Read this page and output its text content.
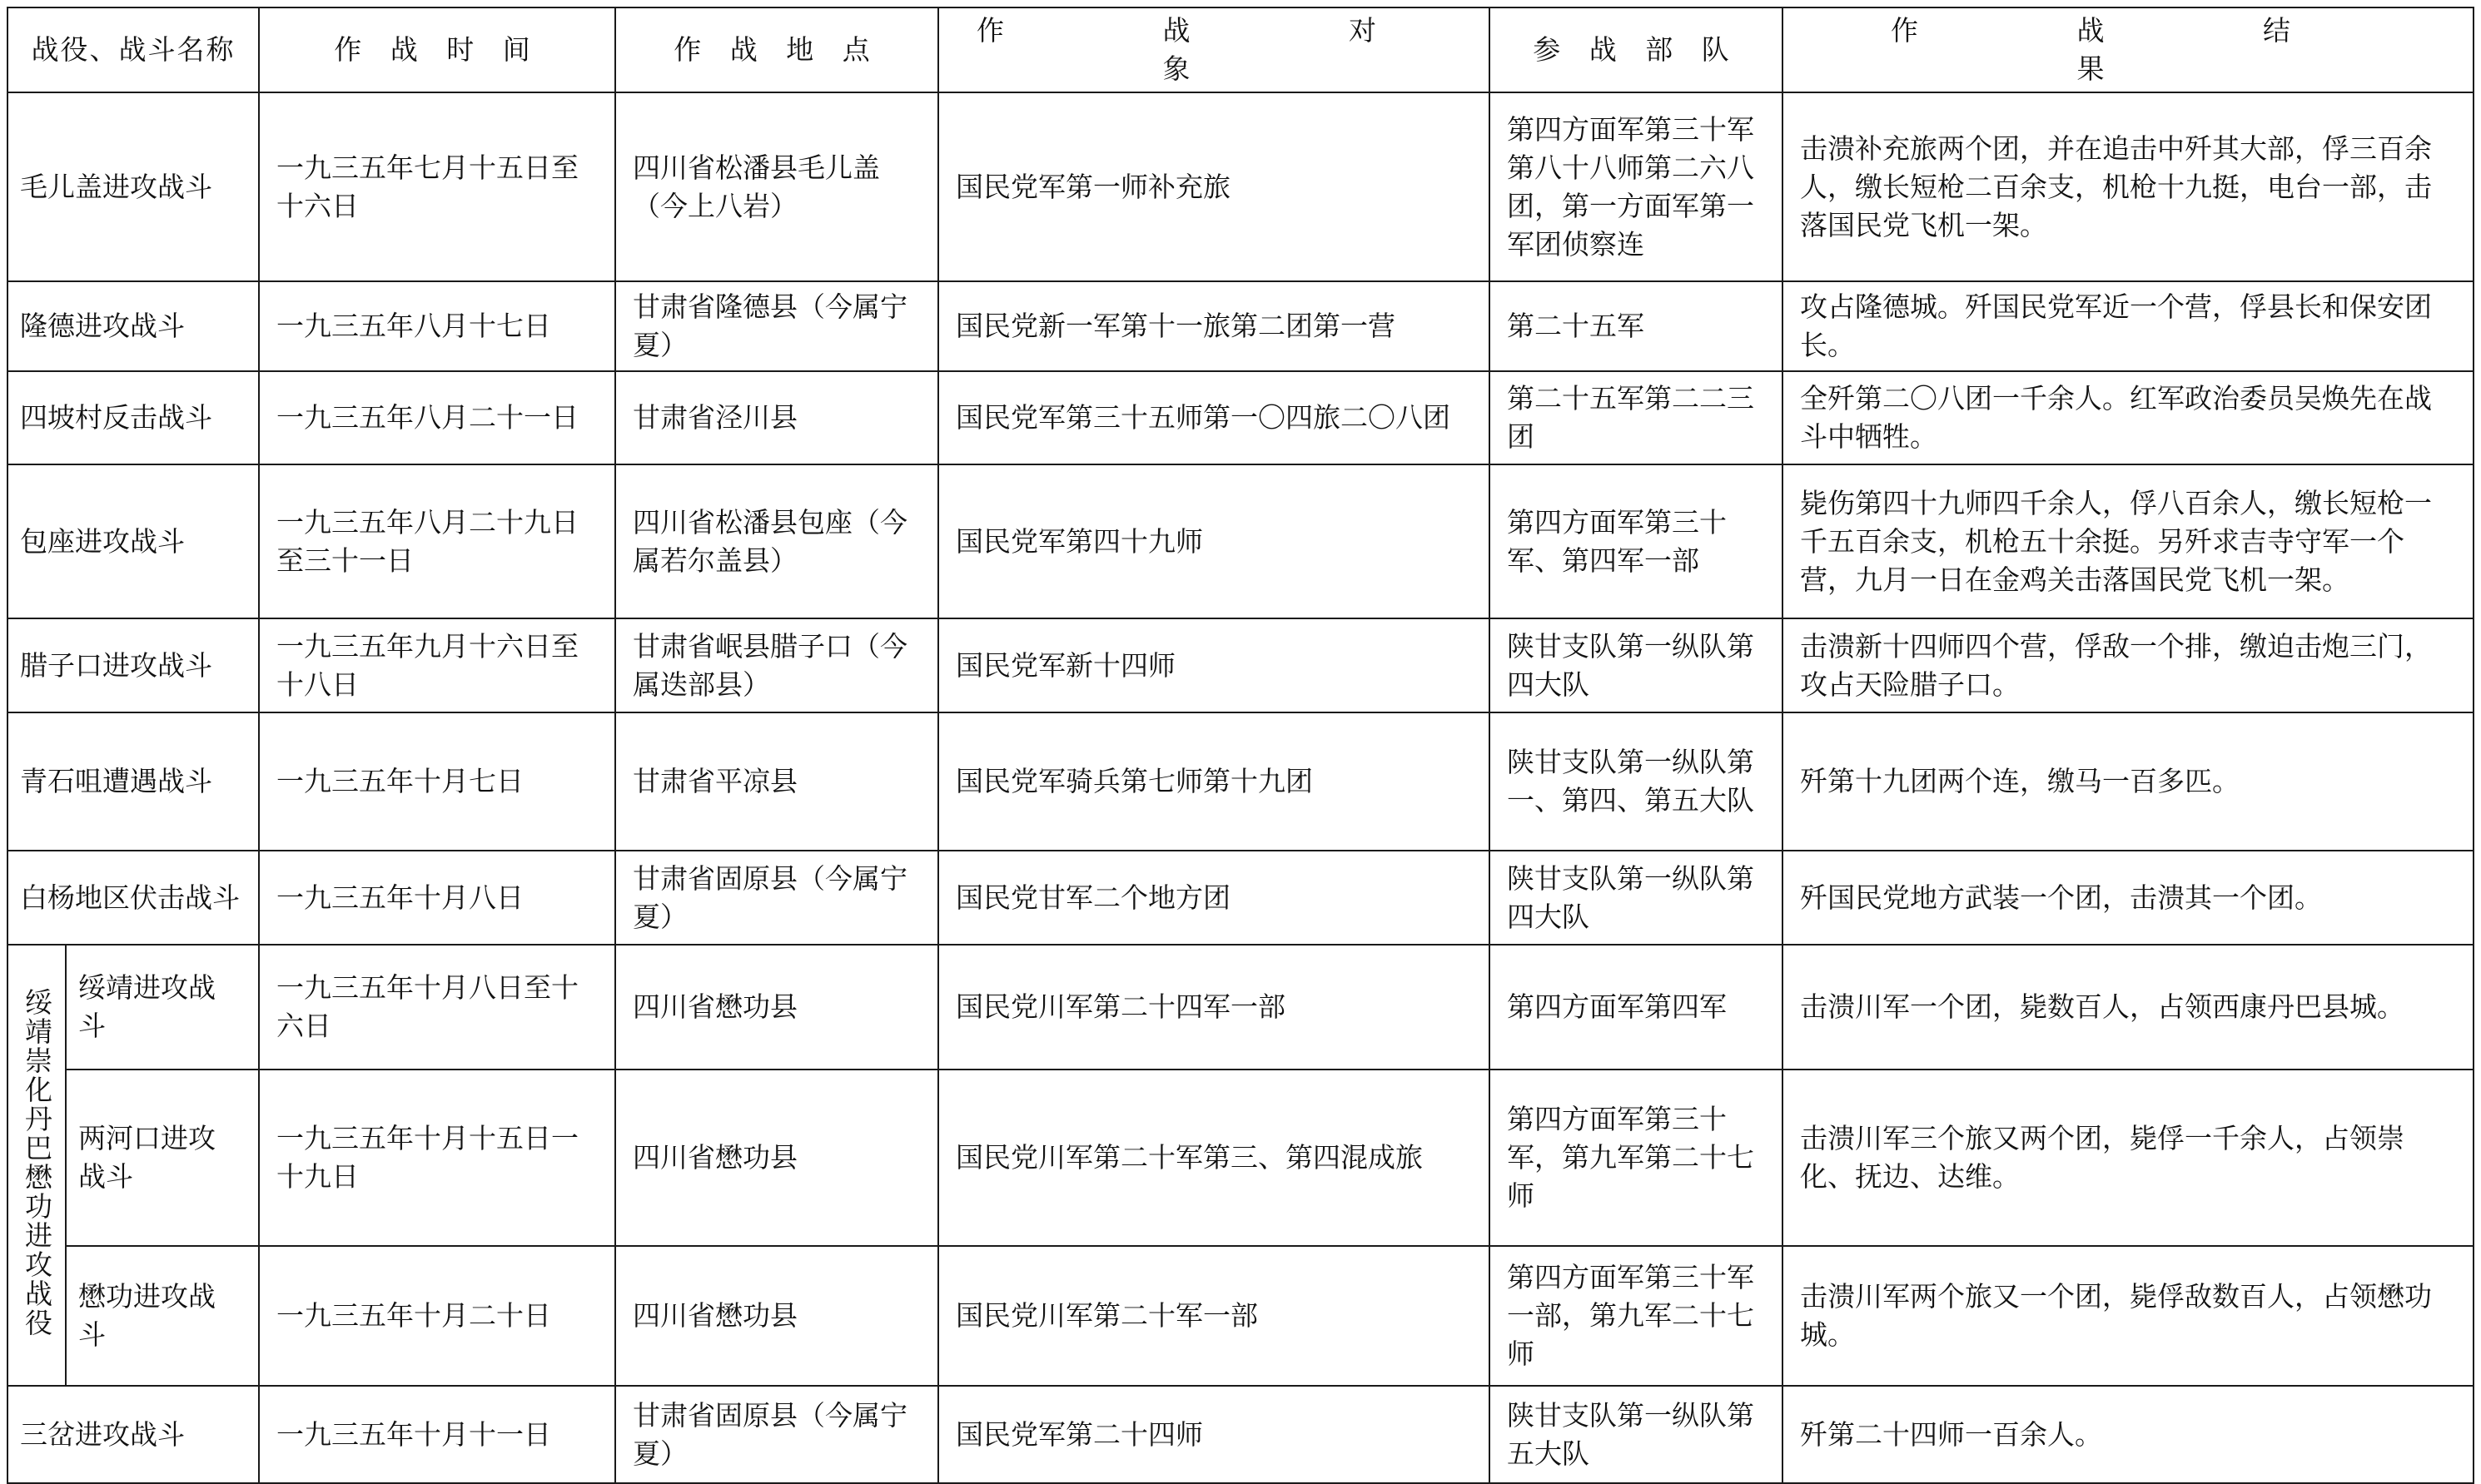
战役、战斗名称		作 战 时 间	作 战 地 点	作 战 对 象	参 战 部 队	作 战 结 果
毛儿盖进攻战斗		一九三五年七月十五日至十六日	四川省松潘县毛儿盖（今上八岩）	国民党军第一师补充旅	第四方面军第三十军第八十八师第二六八团，第一方面军第一军团侦察连	击溃补充旅两个团，并在追击中歼其大部，俘三百余人，缴长短枪二百余支，机枪十九挺，电台一部，击落国民党飞机一架。
隆德进攻战斗		一九三五年八月十七日	甘肃省隆德县（今属宁夏）	国民党新一军第十一旅第二团第一营	第二十五军	攻占隆德城。歼国民党军近一个营，俘县长和保安团长。
四坡村反击战斗		一九三五年八月二十一日	甘肃省泾川县	国民党军第三十五师第一〇四旅二〇八团	第二十五军第二二三团	全歼第二〇八团一千余人。红军政治委员吴焕先在战斗中牺牲。
包座进攻战斗		一九三五年八月二十九日至三十一日	四川省松潘县包座（今属若尔盖县）	国民党军第四十九师	第四方面军第三十军、第四军一部	毙伤第四十九师四千余人，俘八百余人，缴长短枪一千五百余支，机枪五十余挺。另歼求吉寺守军一个营，九月一日在金鸡关击落国民党飞机一架。
腊子口进攻战斗		一九三五年九月十六日至十八日	甘肃省岷县腊子口（今属迭部县）	国民党军新十四师	陕甘支队第一纵队第四大队	击溃新十四师四个营，俘敌一个排，缴迫击炮三门，攻占天险腊子口。
青石咀遭遇战斗		一九三五年十月七日	甘肃省平凉县	国民党军骑兵第七师第十九团	陕甘支队第一纵队第一、第四、第五大队	歼第十九团两个连，缴马一百多匹。
白杨地区伏击战斗		一九三五年十月八日	甘肃省固原县（今属宁夏）	国民党甘军二个地方团	陕甘支队第一纵队第四大队	歼国民党地方武装一个团，击溃其一个团。
绥靖崇化丹巴懋功进攻战役	绥靖进攻战斗	一九三五年十月八日至十六日	四川省懋功县	国民党川军第二十四军一部	第四方面军第四军	击溃川军一个团，毙数百人，占领西康丹巴县城。
	两河口进攻战斗	一九三五年十月十五日一十九日	四川省懋功县	国民党川军第二十军第三、第四混成旅	第四方面军第三十军，第九军第二十七师	击溃川军三个旅又两个团，毙俘一千余人，占领崇化、抚边、达维。
	懋功进攻战斗	一九三五年十月二十日	四川省懋功县	国民党川军第二十军一部	第四方面军第三十军一部，第九军二十七师	击溃川军两个旅又一个团，毙俘敌数百人，占领懋功城。
三岔进攻战斗		一九三五年十月十一日	甘肃省固原县（今属宁夏）	国民党军第二十四师	陕甘支队第一纵队第五大队	歼第二十四师一百余人。
